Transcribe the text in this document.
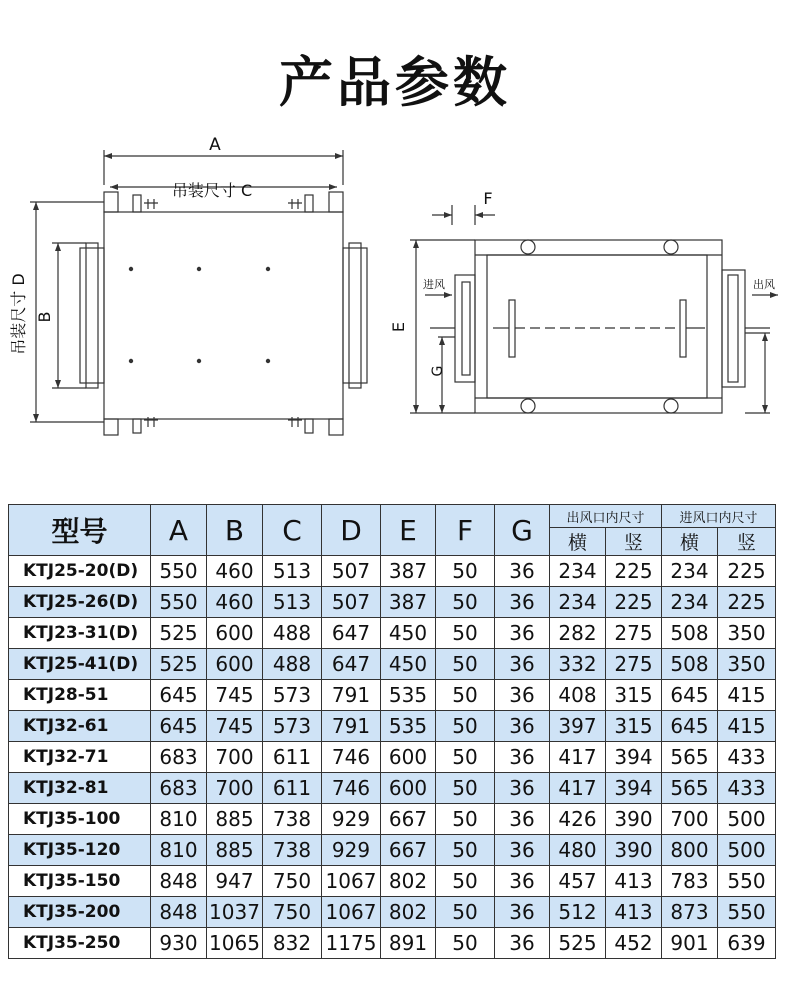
产品参数
A
吊装尺寸 C
B
吊装尺寸 D
F
E
G
进风	出风
型号	A	B	C	D	E	F	G	出风口内尺寸		进风口内尺寸	
								横	竖	横	竖
KTJ25-20(D)	550	460	513	507	387	50	36	234	225	234	225
KTJ25-26(D)	550	460	513	507	387	50	36	234	225	234	225
KTJ23-31(D)	525	600	488	647	450	50	36	282	275	508	350
KTJ25-41(D)	525	600	488	647	450	50	36	332	275	508	350
KTJ28-51	645	745	573	791	535	50	36	408	315	645	415
KTJ32-61	645	745	573	791	535	50	36	397	315	645	415
KTJ32-71	683	700	611	746	600	50	36	417	394	565	433
KTJ32-81	683	700	611	746	600	50	36	417	394	565	433
KTJ35-100	810	885	738	929	667	50	36	426	390	700	500
KTJ35-120	810	885	738	929	667	50	36	480	390	800	500
KTJ35-150	848	947	750	1067	802	50	36	457	413	783	550
KTJ35-200	848	1037	750	1067	802	50	36	512	413	873	550
KTJ35-250	930	1065	832	1175	891	50	36	525	452	901	639
